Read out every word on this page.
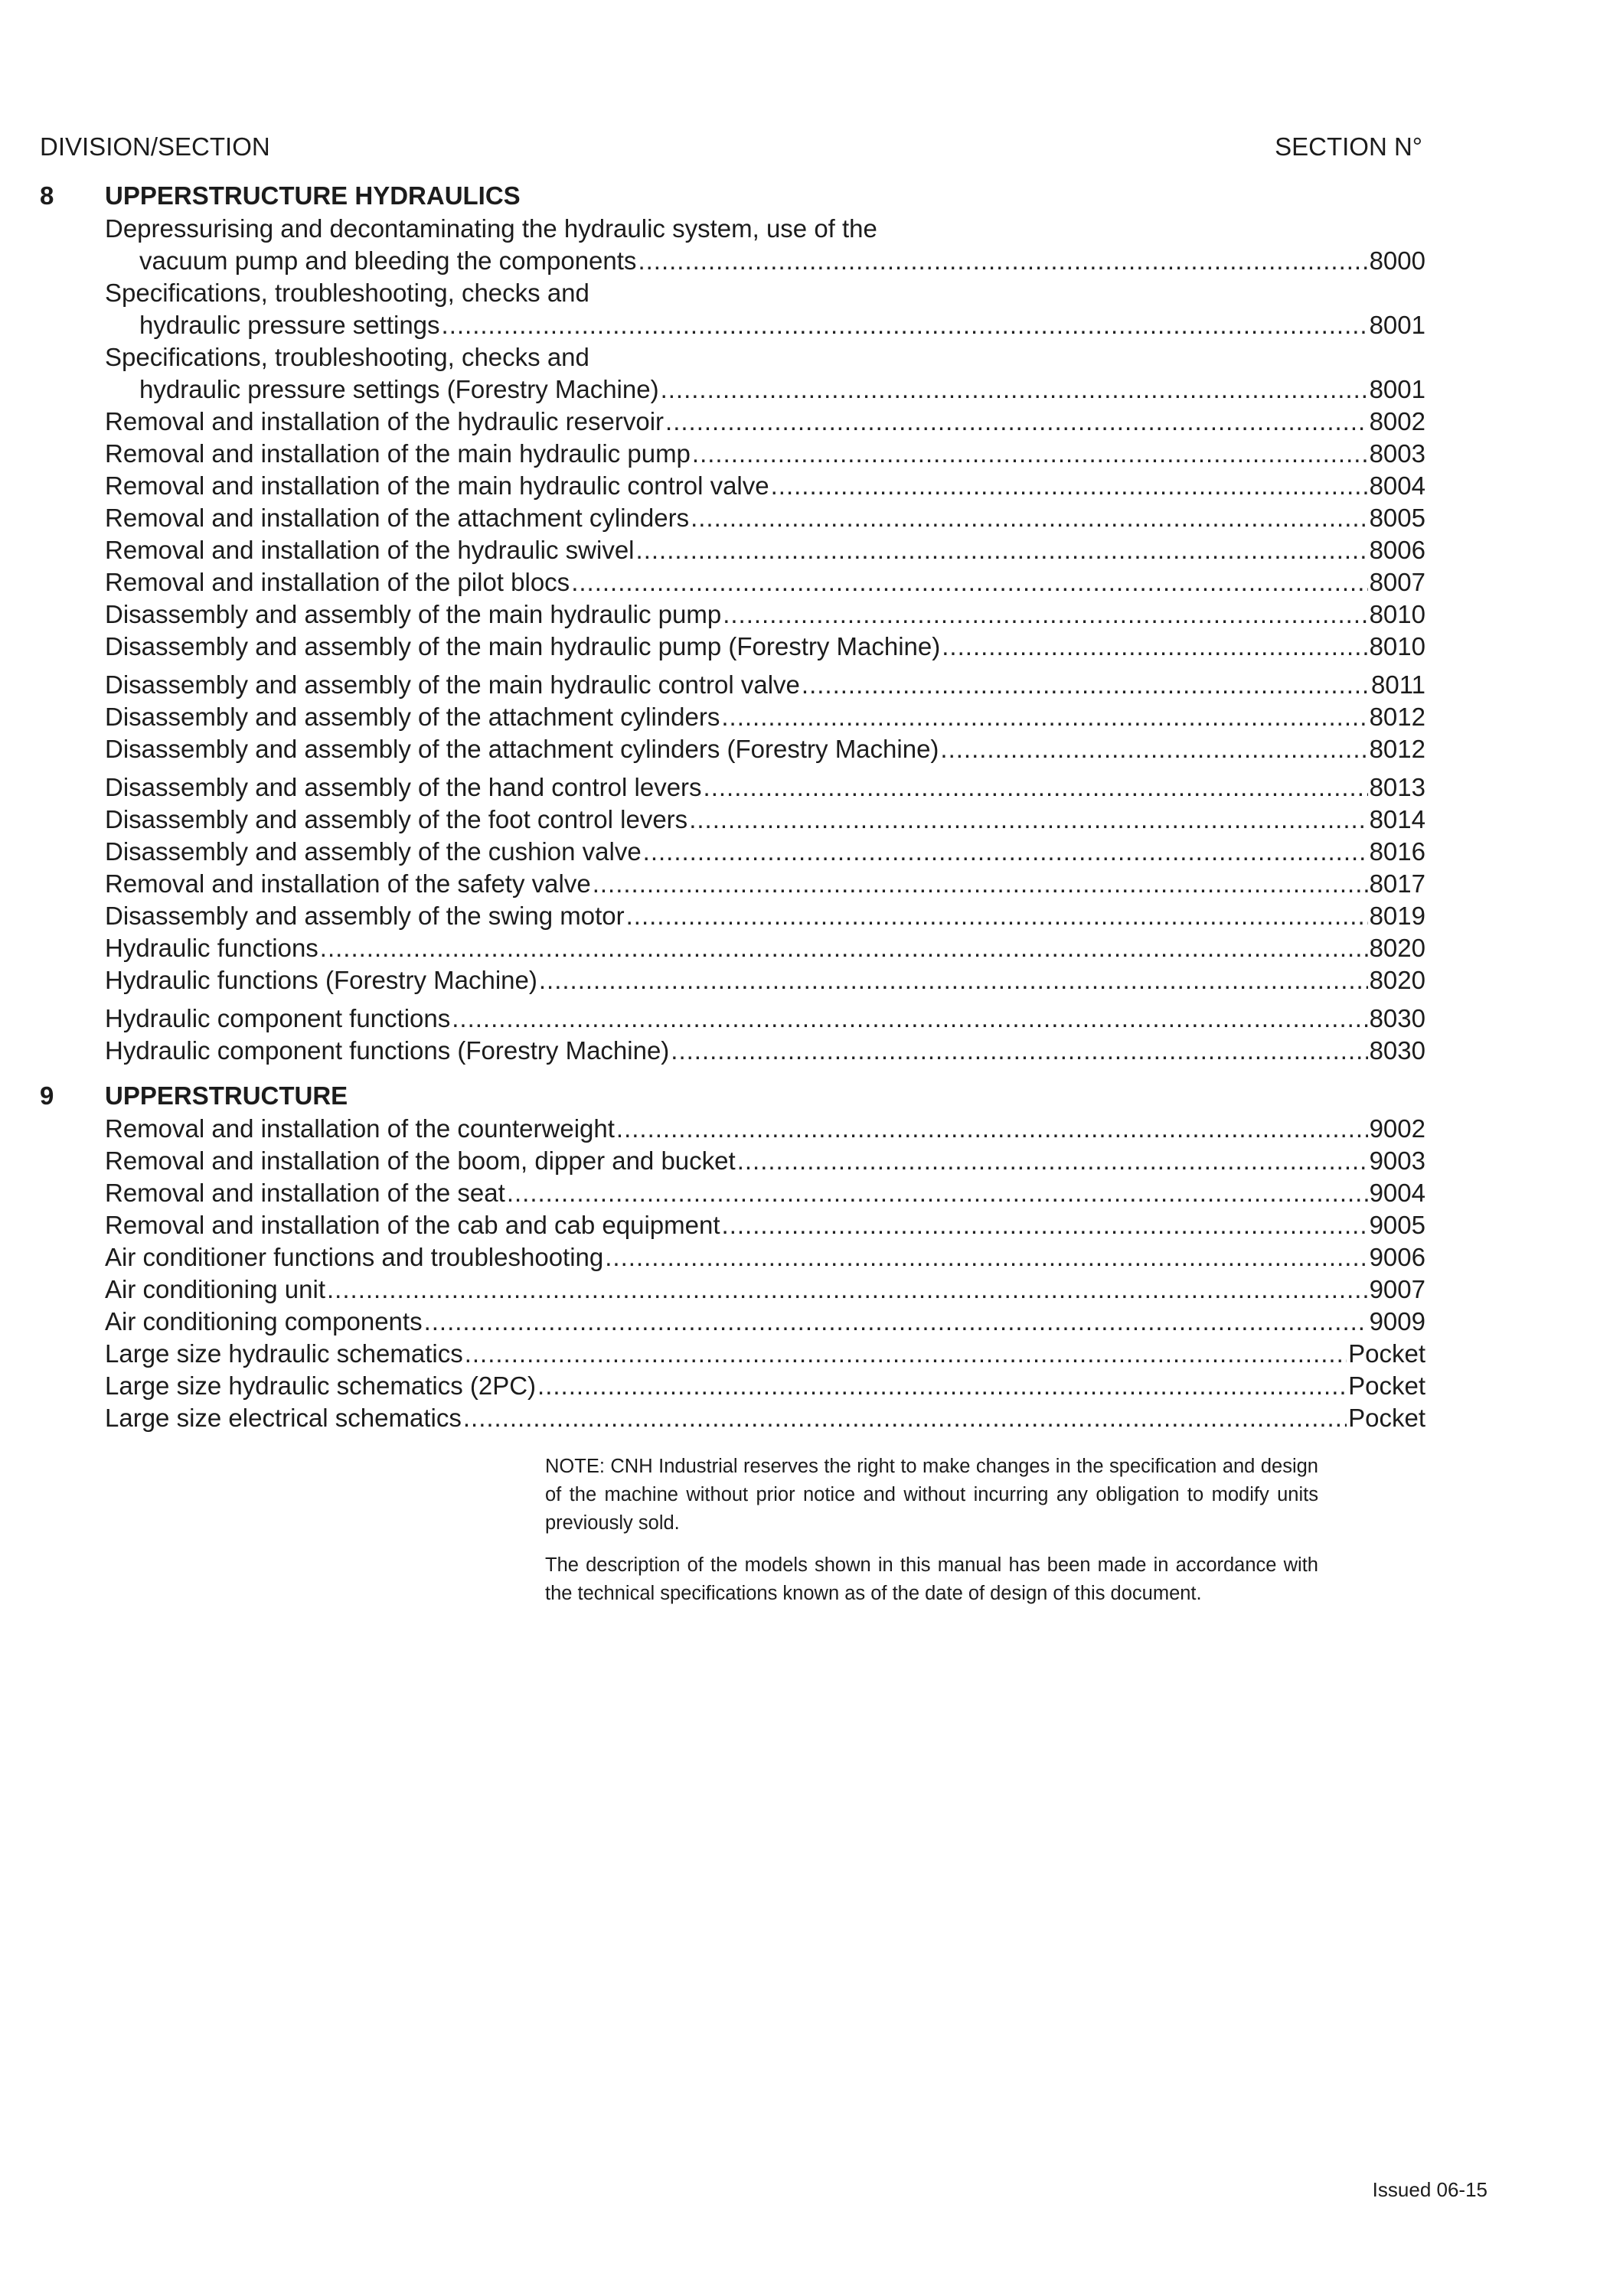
DIVISION/SECTION	SECTION N°
8 UPPERSTRUCTURE HYDRAULICS
Depressurising and decontaminating the hydraulic system, use of the
vacuum pump and bleeding the components .....	8000
Specifications, troubleshooting, checks and
hydraulic pressure settings .....	8001
Specifications, troubleshooting, checks and
hydraulic pressure settings (Forestry Machine) .....	8001
Removal and installation of the hydraulic reservoir .....	8002
Removal and installation of the main hydraulic pump .....	8003
Removal and installation of the main hydraulic control valve .....	8004
Removal and installation of the attachment cylinders .....	8005
Removal and installation of the hydraulic swivel .....	8006
Removal and installation of the pilot blocs .....	8007
Disassembly and assembly of the main hydraulic pump .....	8010
Disassembly and assembly of the main hydraulic pump (Forestry Machine) .....	8010
Disassembly and assembly of the main hydraulic control valve .....	8011
Disassembly and assembly of the attachment cylinders .....	8012
Disassembly and assembly of the attachment cylinders (Forestry Machine) .....	8012
Disassembly and assembly of the hand control levers .....	8013
Disassembly and assembly of the foot control levers .....	8014
Disassembly and assembly of the cushion valve .....	8016
Removal and installation of the safety valve .....	8017
Disassembly and assembly of the swing motor .....	8019
Hydraulic functions .....	8020
Hydraulic functions (Forestry Machine) .....	8020
Hydraulic component functions .....	8030
Hydraulic component functions (Forestry Machine) .....	8030
9 UPPERSTRUCTURE
Removal and installation of the counterweight .....	9002
Removal and installation of the boom, dipper and bucket .....	9003
Removal and installation of the seat .....	9004
Removal and installation of the cab and cab equipment .....	9005
Air conditioner functions and troubleshooting .....	9006
Air conditioning unit .....	9007
Air conditioning components .....	9009
Large size hydraulic schematics .....	Pocket
Large size hydraulic schematics (2PC) .....	Pocket
Large size electrical schematics .....	Pocket

NOTE: CNH Industrial reserves the right to make changes in the specification and design of the machine without prior notice and without incurring any obligation to modify units previously sold.

The description of the models shown in this manual has been made in accordance with the technical specifications known as of the date of design of this document.

Issued 06-15
